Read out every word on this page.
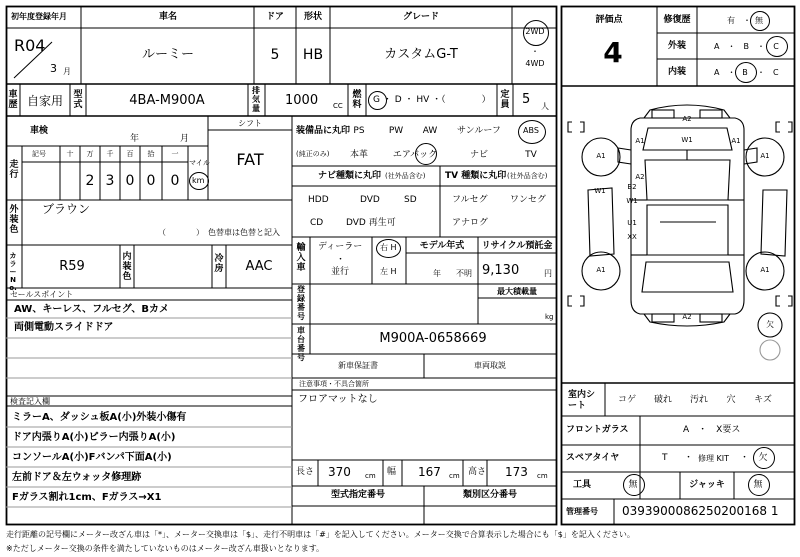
初年度登録年月	車名	ドア 形状	グレード
R04
3 月
ルーミー	5 HB	カスタムG-T
2WD
・
4WD
車歴 自家用 型式	4BA-M900A
排気量
1000 CC
燃料 G ・ D ・ HV ・（　　　　） 定員 5 人
車検
年	月
走行
記号	十 万 千 百 拾 一
2 3 0 0 0
マイル
km
シフト
FAT
外装色
ブラウン
（	） 色替車は色替と記入
カラーNo.
R59
内装色
冷房 AAC
セールスポイント
AW、キーレス、フルセグ、Bカメ
両側電動スライドドア
検査記入欄
ミラーA、ダッシュ板A(小)外装小傷有
ドア内張りA(小)ピラー内張りA(小)
コンソールA(小)Fバンパ下面A(小)
左前ドア＆左ウォッタ修理跡
Fガラス割れ1cm、Fガラス→X1
装備品に丸印
(純正のみ)
PS	PW AW サンルーフ	ABS
本革	エアバック	ナビ	TV
ナビ種類に丸印 (社外品含む)
HDD	DVD	SD
CD	DVD 再生可
TV 種類に丸印 (社外品含む)
フルセグ ワンセグ
アナログ
輸入車
ディーラー
・
並行
右 H
左 H
モデル年式
年 不明
リサイクル預託金
9,130	円
登録番号
最大積載量
kg
車台番号
M900A-0658669
新車保証書	車両取説
注意事項・不具合箇所
フロアマットなし
長さ 370 cm 幅 167 cm 高さ 173 cm
型式指定番号	類別区分番号
評価点
4
修復歴	有　・ 無
外装	A　・　B　・ C
内装	A　・ B ・　C
A2
A1	A1
A1	A1
W1
A2
W1	B2
W1
U1
XX
A1	A1
A2
欠
室内シート
コゲ 破れ 汚れ 穴 キズ
フロントガラス	A　・　X要ス
スペアタイヤ	T ・ 修理 KIT ・ 欠
工具	無	ジャッキ	無
管理番号 0393900086250200168 1
走行距離の記号欄にメーター改ざん車は「*」、メーター交換車は「$」、走行不明車は「#」を記入してください。メーター交換で合算表示した場合にも「$」を記入ください。
※ただしメーター交換の条件を満たしていないものはメーター改ざん車扱いとなります。
